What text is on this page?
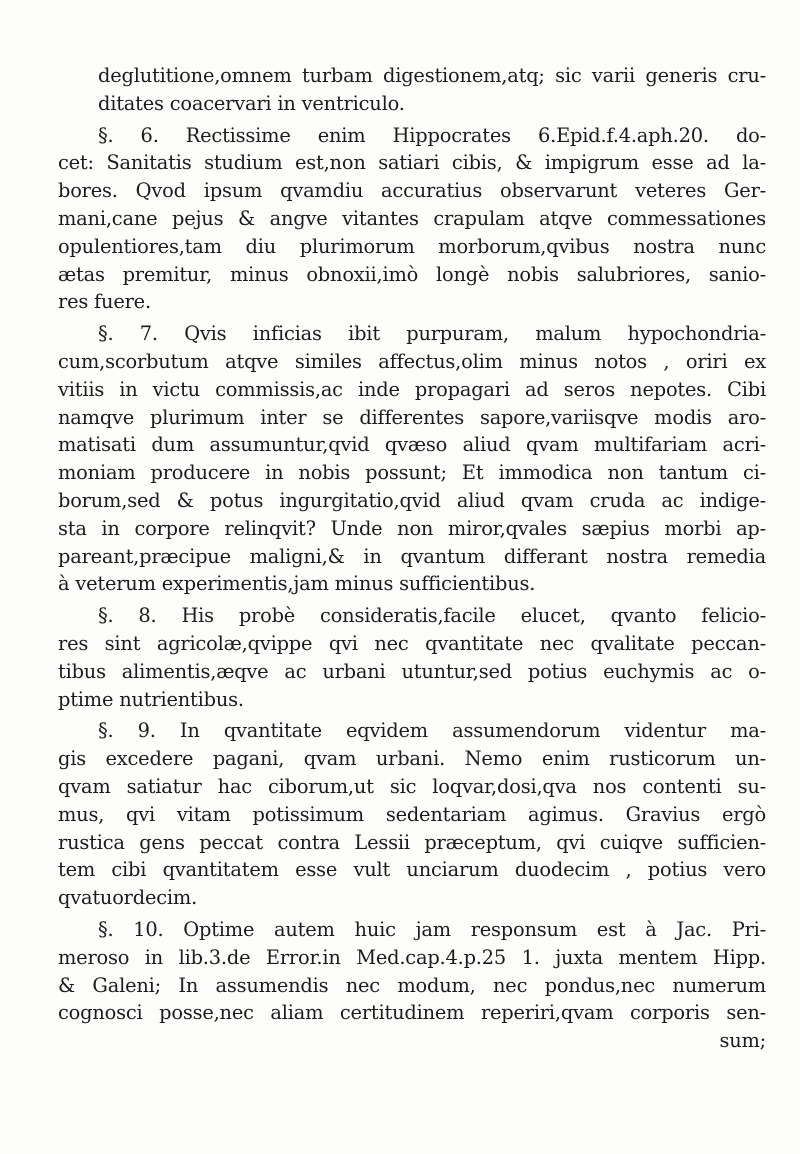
deglutitione,omnem turbam digestionem,atq; sic varii generis cru-
ditates coacervari in ventriculo.
§. 6. Rectissime enim Hippocrates 6.Epid.f.4.aph.20. do-
cet: Sanitatis studium est,non satiari cibis, & impigrum esse ad la-
bores. Qvod ipsum qvamdiu accuratius observarunt veteres Ger-
mani,cane pejus & angve vitantes crapulam atqve commessationes
opulentiores,tam diu plurimorum morborum,qvibus nostra nunc
ætas premitur, minus obnoxii,imò longè nobis salubriores, sanio-
res fuere.
§. 7. Qvis inficias ibit purpuram, malum hypochondria-
cum,scorbutum atqve similes affectus,olim minus notos , oriri ex
vitiis in victu commissis,ac inde propagari ad seros nepotes. Cibi
namqve plurimum inter se differentes sapore,variisqve modis aro-
matisati dum assumuntur,qvid qvæso aliud qvam multifariam acri-
moniam producere in nobis possunt; Et immodica non tantum ci-
borum,sed & potus ingurgitatio,qvid aliud qvam cruda ac indige-
sta in corpore relinqvit? Unde non miror,qvales sæpius morbi ap-
pareant,præcipue maligni,& in qvantum differant nostra remedia
à veterum experimentis,jam minus sufficientibus.
§. 8. His probè consideratis,facile elucet, qvanto felicio-
res sint agricolæ,qvippe qvi nec qvantitate nec qvalitate peccan-
tibus alimentis,æqve ac urbani utuntur,sed potius euchymis ac o-
ptime nutrientibus.
§. 9. In qvantitate eqvidem assumendorum videntur ma-
gis excedere pagani, qvam urbani. Nemo enim rusticorum un-
qvam satiatur hac ciborum,ut sic loqvar,dosi,qva nos contenti su-
mus, qvi vitam potissimum sedentariam agimus. Gravius ergò
rustica gens peccat contra Lessii præceptum, qvi cuiqve sufficien-
tem cibi qvantitatem esse vult unciarum duodecim , potius vero
qvatuordecim.
§. 10. Optime autem huic jam responsum est à Jac. Pri-
meroso in lib.3.de Error.in Med.cap.4.p.25 1. juxta mentem Hipp.
& Galeni; In assumendis nec modum, nec pondus,nec numerum
cognosci posse,nec aliam certitudinem reperiri,qvam corporis sen-
sum;
